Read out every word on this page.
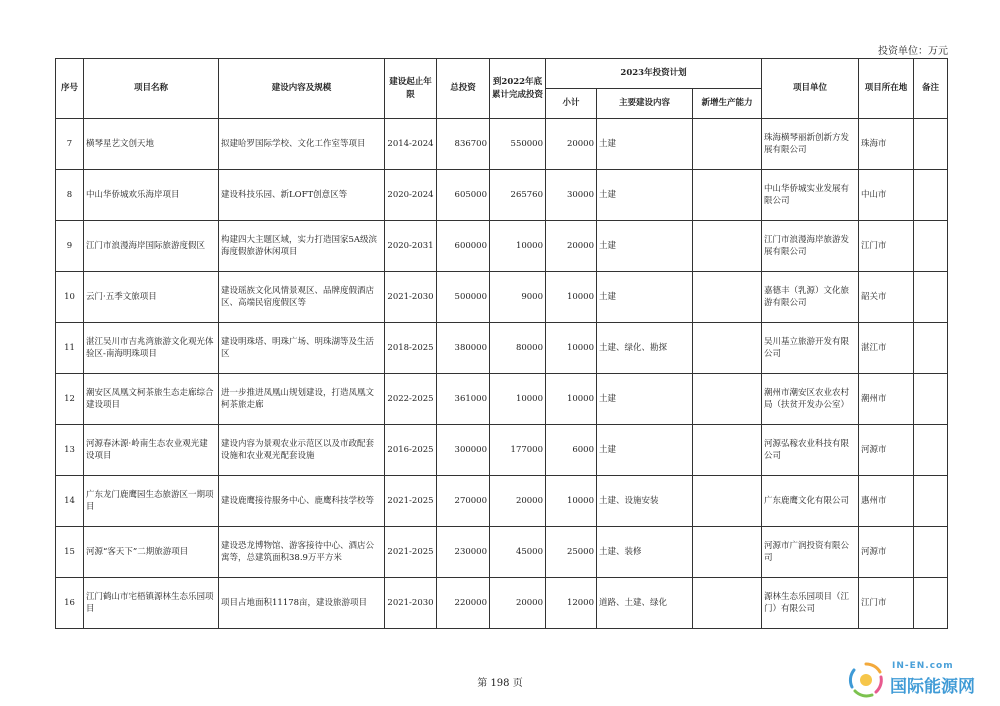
投资单位：万元
序号	项目名称	建设内容及规模	建设起止年限	总投资	到2022年底累计完成投资	2023年投资计划			项目单位	项目所在地	备注
						小计	主要建设内容	新增生产能力			
7	横琴星艺文创天地	拟建哈罗国际学校、文化工作室等项目	2014-2024	836700	550000	20000	土建		珠海横琴丽新创新方发展有限公司	珠海市	
8	中山华侨城欢乐海岸项目	建设科技乐园、新LOFT创意区等	2020-2024	605000	265760	30000	土建		中山华侨城实业发展有限公司	中山市	
9	江门市浪漫海岸国际旅游度假区	构建四大主题区域，实力打造国家5A级滨海度假旅游休闲项目	2020-2031	600000	10000	20000	土建		江门市浪漫海岸旅游发展有限公司	江门市	
10	云门·五季文旅项目	建设瑶族文化风情景观区、品牌度假酒店区、高端民宿度假区等	2021-2030	500000	9000	10000	土建		嘉德丰（乳源）文化旅游有限公司	韶关市	
11	湛江吴川市吉兆湾旅游文化观光体验区-南海明珠项目	建设明珠塔、明珠广场、明珠湖等及生活区	2018-2025	380000	80000	10000	土建、绿化、勘探		吴川基立旅游开发有限公司	湛江市	
12	潮安区凤凰文柯茶旅生态走廊综合建设项目	进一步推进凤凰山规划建设，打造凤凰文柯茶旅走廊	2022-2025	361000	10000	10000	土建		潮州市潮安区农业农村局（扶贫开发办公室）	潮州市	
13	河源春沐源·岭南生态农业观光建设项目	建设内容为景观农业示范区以及市政配套设施和农业观光配套设施	2016-2025	300000	177000	6000	土建		河源弘稼农业科技有限公司	河源市	
14	广东龙门鹿鹰园生态旅游区一期项目	建设鹿鹰接待服务中心、鹿鹰科技学校等	2021-2025	270000	20000	10000	土建、设施安装		广东鹿鹰文化有限公司	惠州市	
15	河源“客天下”二期旅游项目	建设恐龙博物馆、游客接待中心、酒店公寓等，总建筑面积38.9万平方米	2021-2025	230000	45000	25000	土建、装修		河源市广润投资有限公司	河源市	
16	江门鹤山市宅梧镇源林生态乐园项目	项目占地面积11178亩，建设旅游项目	2021-2030	220000	20000	12000	道路、土建、绿化		源林生态乐园项目（江门）有限公司	江门市	
第 198 页
IN-EN.com
国际能源网
